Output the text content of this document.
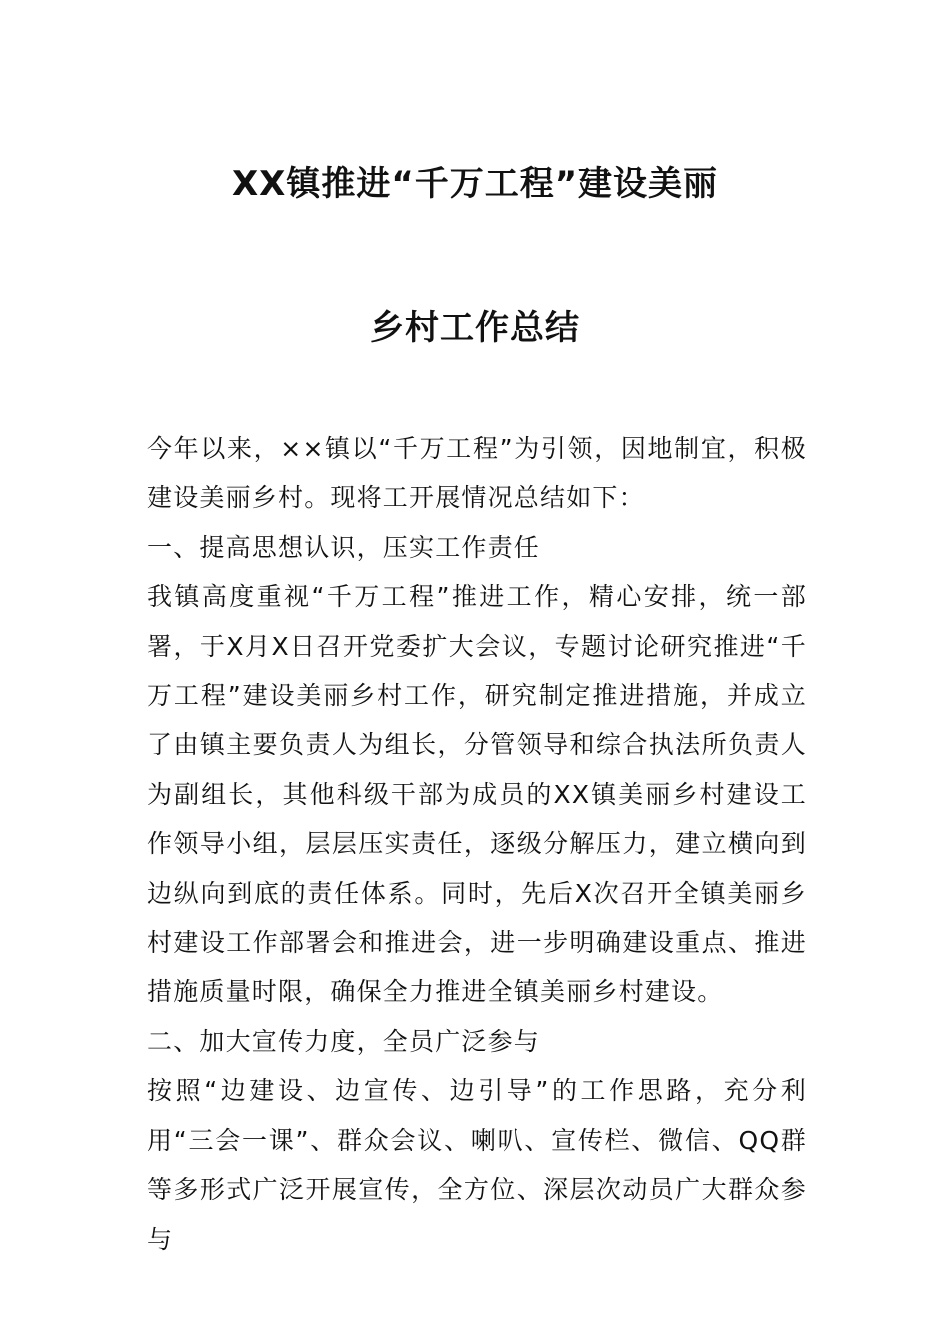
XX镇推进“千万工程”建设美丽
乡村工作总结

今年以来，××镇以“千万工程”为引领，因地制宜，积极建设美丽乡村。现将工开展情况总结如下：

一、提高思想认识，压实工作责任

我镇高度重视“千万工程”推进工作，精心安排，统一部署，于X月X日召开党委扩大会议，专题讨论研究推进“千万工程”建设美丽乡村工作，研究制定推进措施，并成立了由镇主要负责人为组长，分管领导和综合执法所负责人为副组长，其他科级干部为成员的XX镇美丽乡村建设工作领导小组，层层压实责任，逐级分解压力，建立横向到边纵向到底的责任体系。同时，先后X次召开全镇美丽乡村建设工作部署会和推进会，进一步明确建设重点、推进措施质量时限，确保全力推进全镇美丽乡村建设。

二、加大宣传力度，全员广泛参与

按照“边建设、边宣传、边引导”的工作思路，充分利用“三会一课”、群众会议、喇叭、宣传栏、微信、QQ群等多形式广泛开展宣传，全方位、深层次动员广大群众参与
